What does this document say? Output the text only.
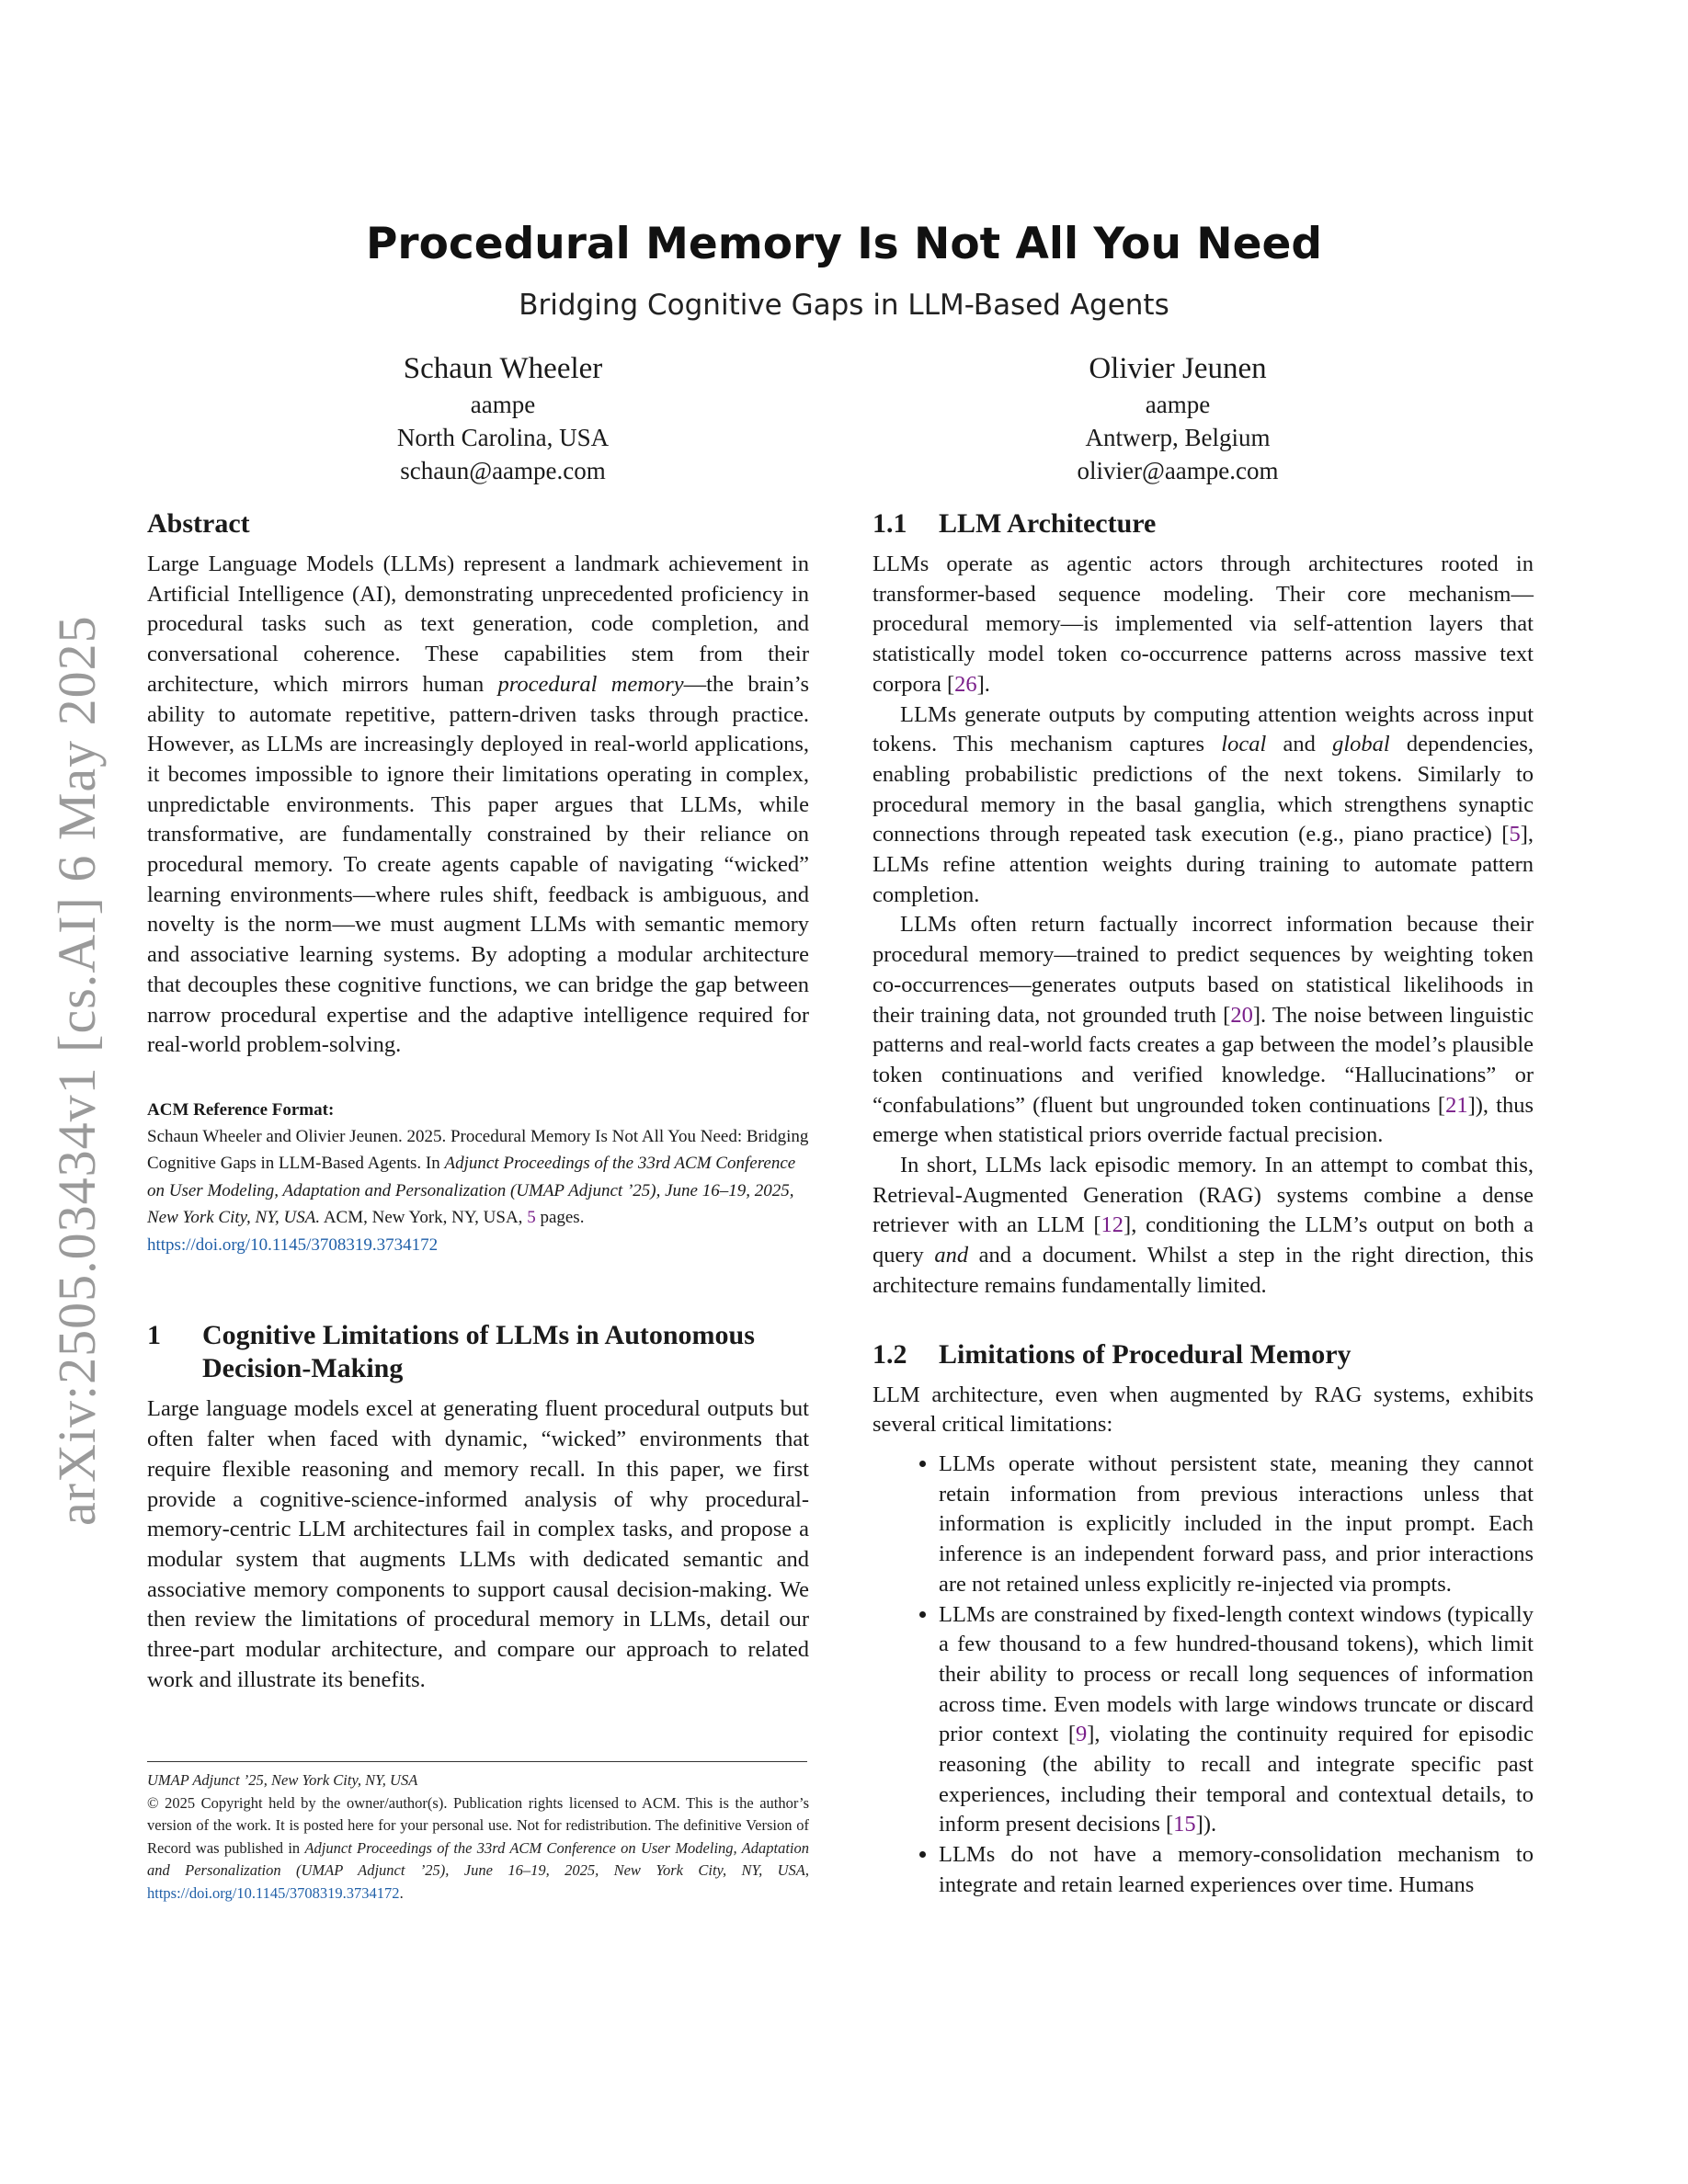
arXiv:2505.03434v1 [cs.AI] 6 May 2025
Procedural Memory Is Not All You Need
Bridging Cognitive Gaps in LLM-Based Agents
Schaun Wheeler
aampe
North Carolina, USA
schaun@aampe.com
Olivier Jeunen
aampe
Antwerp, Belgium
olivier@aampe.com
Abstract

Large Language Models (LLMs) represent a landmark achievement in Artificial Intelligence (AI), demonstrating unprecedented proficiency in procedural tasks such as text generation, code completion, and conversational coherence. These capabilities stem from their architecture, which mirrors human procedural memory—the brain’s ability to automate repetitive, pattern-driven tasks through practice. However, as LLMs are increasingly deployed in real-world applications, it becomes impossible to ignore their limitations operating in complex, unpredictable environments. This paper argues that LLMs, while transformative, are fundamentally constrained by their reliance on procedural memory. To create agents capable of navigating “wicked” learning environments—where rules shift, feedback is ambiguous, and novelty is the norm—we must augment LLMs with semantic memory and associative learning systems. By adopting a modular architecture that decouples these cognitive functions, we can bridge the gap between narrow procedural expertise and the adaptive intelligence required for real-world problem-solving.

ACM Reference Format:
Schaun Wheeler and Olivier Jeunen. 2025. Procedural Memory Is Not All You Need: Bridging Cognitive Gaps in LLM-Based Agents. In Adjunct Proceedings of the 33rd ACM Conference on User Modeling, Adaptation and Personalization (UMAP Adjunct ’25), June 16–19, 2025, New York City, NY, USA. ACM, New York, NY, USA, 5 pages. https://doi.org/10.1145/3708319.3734172
1	Cognitive Limitations of LLMs in Autonomous Decision-Making

Large language models excel at generating fluent procedural outputs but often falter when faced with dynamic, “wicked” environments that require flexible reasoning and memory recall. In this paper, we first provide a cognitive-science-informed analysis of why procedural-memory-centric LLM architectures fail in complex tasks, and propose a modular system that augments LLMs with dedicated semantic and associative memory components to support causal decision-making. We then review the limitations of procedural memory in LLMs, detail our three-part modular architecture, and compare our approach to related work and illustrate its benefits.

UMAP Adjunct ’25, New York City, NY, USA
© 2025 Copyright held by the owner/author(s). Publication rights licensed to ACM. This is the author’s version of the work. It is posted here for your personal use. Not for redistribution. The definitive Version of Record was published in Adjunct Proceedings of the 33rd ACM Conference on User Modeling, Adaptation and Personalization (UMAP Adjunct ’25), June 16–19, 2025, New York City, NY, USA, https://doi.org/10.1145/3708319.3734172.
1.1	LLM Architecture

LLMs operate as agentic actors through architectures rooted in transformer-based sequence modeling. Their core mechanism—procedural memory—is implemented via self-attention layers that statistically model token co-occurrence patterns across massive text corpora [26].

LLMs generate outputs by computing attention weights across input tokens. This mechanism captures local and global dependencies, enabling probabilistic predictions of the next tokens. Similarly to procedural memory in the basal ganglia, which strengthens synaptic connections through repeated task execution (e.g., piano practice) [5], LLMs refine attention weights during training to automate pattern completion.

LLMs often return factually incorrect information because their procedural memory—trained to predict sequences by weighting token co-occurrences—generates outputs based on statistical likelihoods in their training data, not grounded truth [20]. The noise between linguistic patterns and real-world facts creates a gap between the model’s plausible token continuations and verified knowledge. “Hallucinations” or “confabulations” (fluent but ungrounded token continuations [21]), thus emerge when statistical priors override factual precision.

In short, LLMs lack episodic memory. In an attempt to combat this, Retrieval-Augmented Generation (RAG) systems combine a dense retriever with an LLM [12], conditioning the LLM’s output on both a query and and a document. Whilst a step in the right direction, this architecture remains fundamentally limited.

1.2	Limitations of Procedural Memory

LLM architecture, even when augmented by RAG systems, exhibits several critical limitations:

• LLMs operate without persistent state, meaning they cannot retain information from previous interactions unless that information is explicitly included in the input prompt. Each inference is an independent forward pass, and prior interactions are not retained unless explicitly re-injected via prompts.
• LLMs are constrained by fixed-length context windows (typically a few thousand to a few hundred-thousand tokens), which limit their ability to process or recall long sequences of information across time. Even models with large windows truncate or discard prior context [9], violating the continuity required for episodic reasoning (the ability to recall and integrate specific past experiences, including their temporal and contextual details, to inform present decisions [15]).
• LLMs do not have a memory-consolidation mechanism to integrate and retain learned experiences over time. Humans
